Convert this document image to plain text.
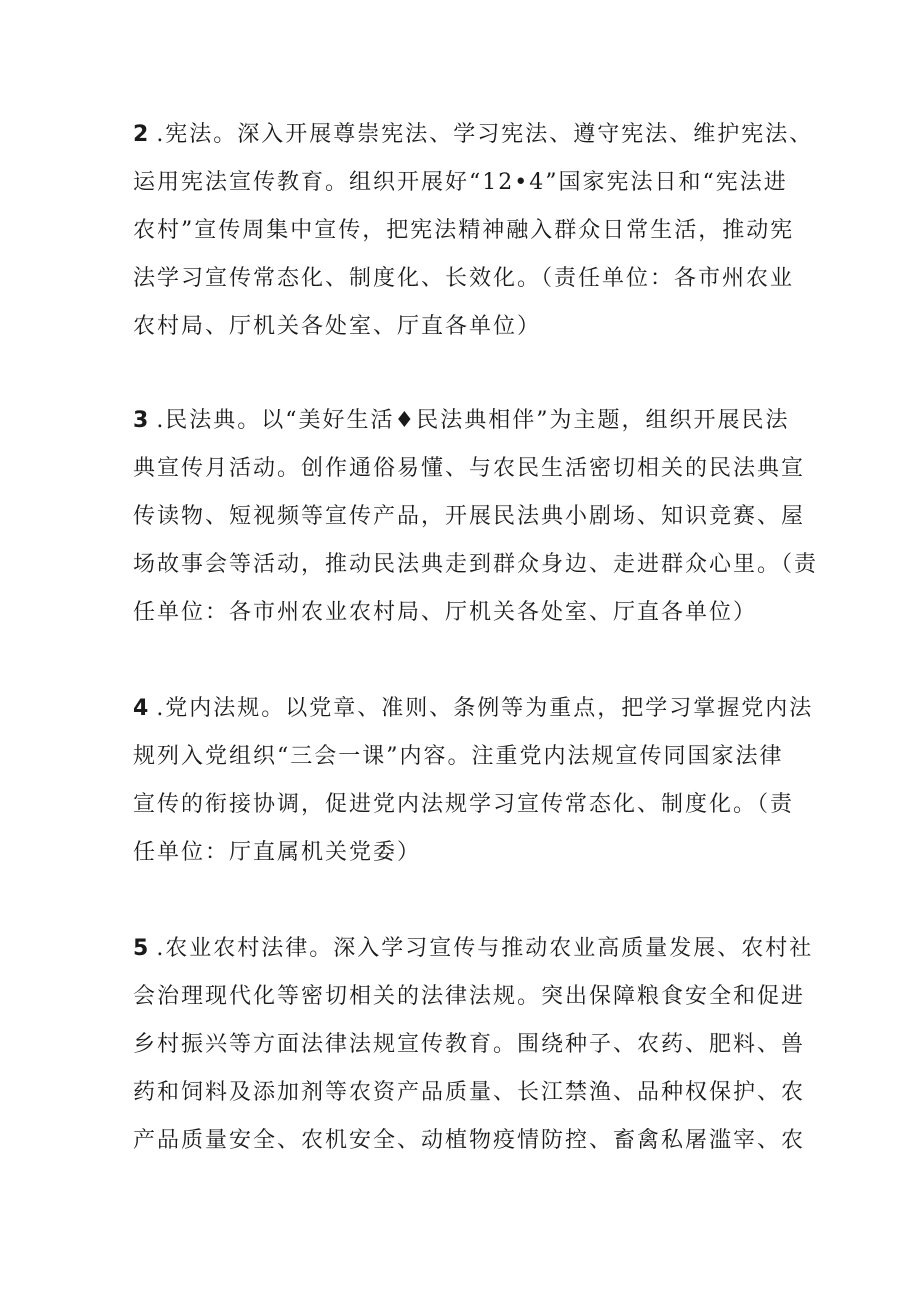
2 .宪法。深入开展尊崇宪法、学习宪法、遵守宪法、维护宪法、
运用宪法宣传教育。组织开展好“12•4”国家宪法日和“宪法进
农村”宣传周集中宣传，把宪法精神融入群众日常生活，推动宪
法学习宣传常态化、制度化、长效化。（责任单位：各市州农业
农村局、厅机关各处室、厅直各单位）
3 .民法典。以“美好生活♦民法典相伴”为主题，组织开展民法
典宣传月活动。创作通俗易懂、与农民生活密切相关的民法典宣
传读物、短视频等宣传产品，开展民法典小剧场、知识竞赛、屋
场故事会等活动，推动民法典走到群众身边、走进群众心里。（责
任单位：各市州农业农村局、厅机关各处室、厅直各单位）
4 .党内法规。以党章、准则、条例等为重点，把学习掌握党内法
规列入党组织“三会一课”内容。注重党内法规宣传同国家法律
宣传的衔接协调，促进党内法规学习宣传常态化、制度化。（责
任单位：厅直属机关党委）
5 .农业农村法律。深入学习宣传与推动农业高质量发展、农村社
会治理现代化等密切相关的法律法规。突出保障粮食安全和促进
乡村振兴等方面法律法规宣传教育。围绕种子、农药、肥料、兽
药和饲料及添加剂等农资产品质量、长江禁渔、品种权保护、农
产品质量安全、农机安全、动植物疫情防控、畜禽私屠滥宰、农
